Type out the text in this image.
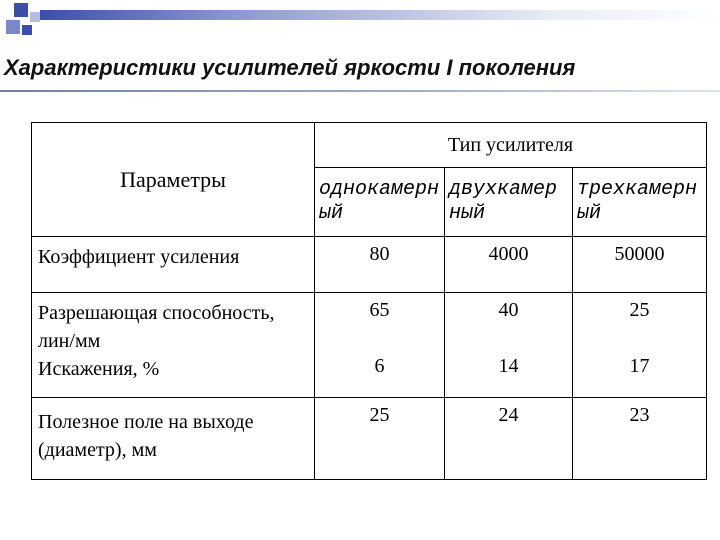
Характеристики усилителей яркости I поколения
Параметры	Тип усилителя		
	однокамерный	двухкамерный	трехкамерный
Коэффициент усиления	80	4000	50000
Разрешающая способность, лин/мм	65	40	25
Искажения, %	6	14	17
Полезное поле на выходе (диаметр), мм	25	24	23
